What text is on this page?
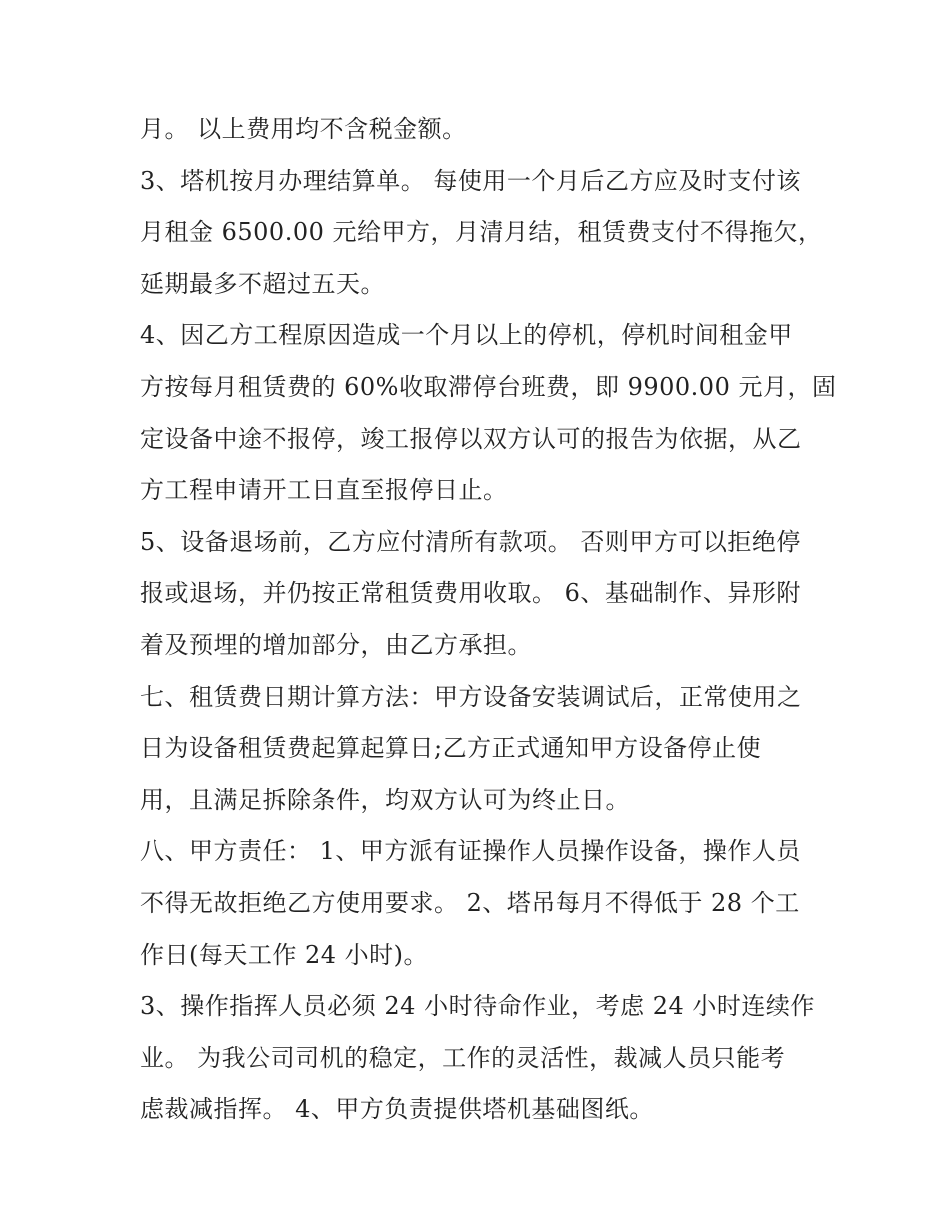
月。 以上费用均不含税金额。
3、塔机按月办理结算单。 每使用一个月后乙方应及时支付该
月租金 6500.00 元给甲方，月清月结，租赁费支付不得拖欠，
延期最多不超过五天。
4、因乙方工程原因造成一个月以上的停机，停机时间租金甲
方按每月租赁费的 60%收取滞停台班费，即 9900.00 元月，固
定设备中途不报停，竣工报停以双方认可的报告为依据，从乙
方工程申请开工日直至报停日止。
5、设备退场前，乙方应付清所有款项。 否则甲方可以拒绝停
报或退场，并仍按正常租赁费用收取。 6、基础制作、异形附
着及预埋的增加部分，由乙方承担。
七、租赁费日期计算方法：甲方设备安装调试后，正常使用之
日为设备租赁费起算起算日;乙方正式通知甲方设备停止使
用，且满足拆除条件，均双方认可为终止日。
八、甲方责任： 1、甲方派有证操作人员操作设备，操作人员
不得无故拒绝乙方使用要求。 2、塔吊每月不得低于 28 个工
作日(每天工作 24 小时)。
3、操作指挥人员必须 24 小时待命作业，考虑 24 小时连续作
业。 为我公司司机的稳定，工作的灵活性，裁减人员只能考
虑裁减指挥。 4、甲方负责提供塔机基础图纸。
